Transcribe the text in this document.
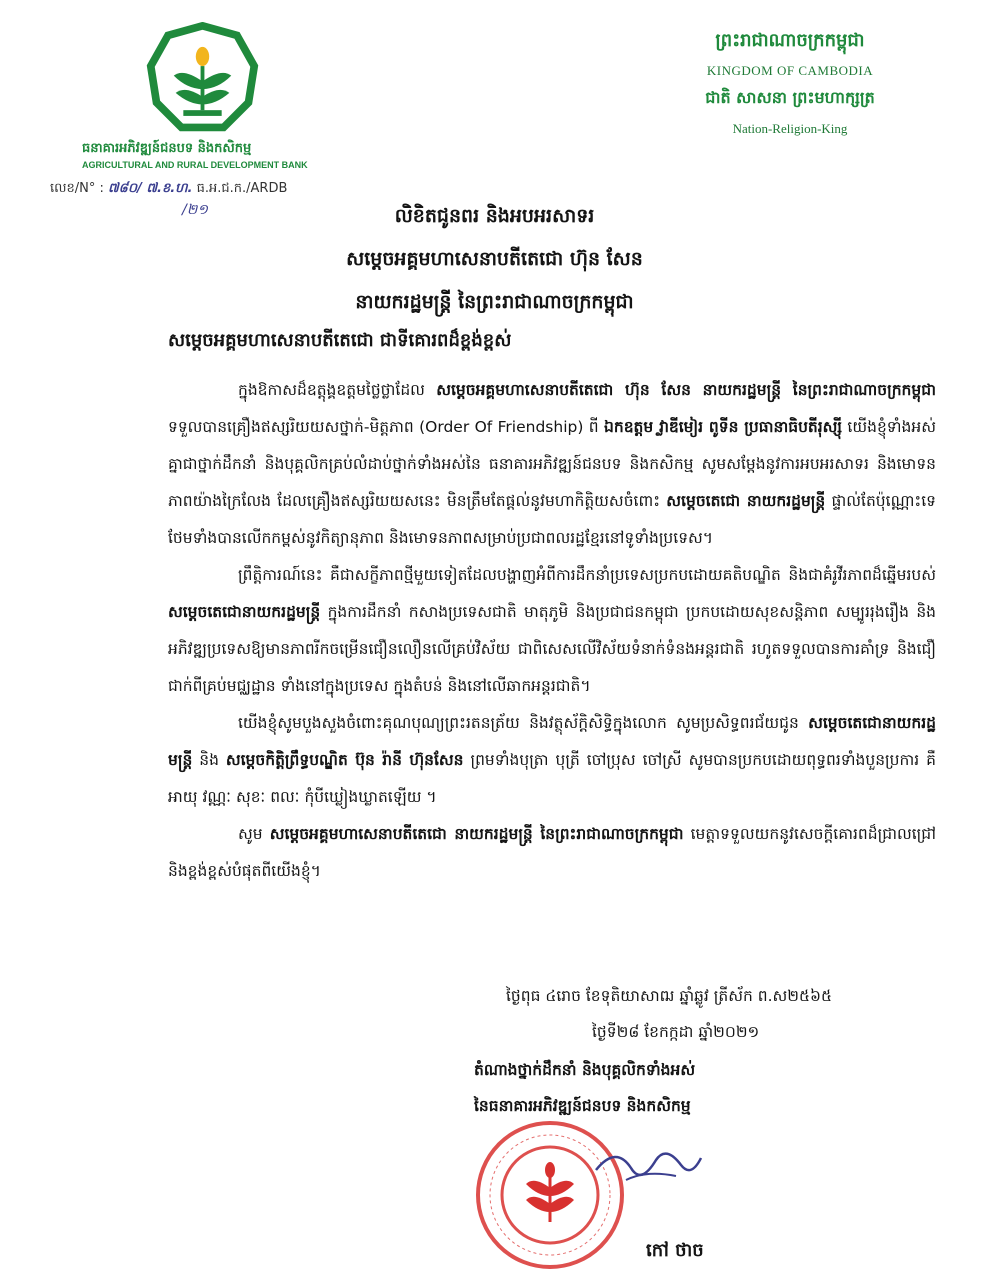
ធនាគារអភិវឌ្ឍន៍ជនបទ និងកសិកម្ម
AGRICULTURAL AND RURAL DEVELOPMENT BANK
លេខ/N° : ៧៨០/ ៧.ខ.ហ. ធ.អ.ជ.ក./ARDB
/២១
ព្រះរាជាណាចក្រកម្ពុជា
KINGDOM OF CAMBODIA
ជាតិ សាសនា ព្រះមហាក្សត្រ
Nation-Religion-King
លិខិតជូនពរ និងអបអរសាទរ
សម្តេចអគ្គមហាសេនាបតីតេជោ ហ៊ុន សែន
នាយករដ្ឋមន្ត្រី នៃព្រះរាជាណាចក្រកម្ពុជា
សម្តេចអគ្គមហាសេនាបតីតេជោ ជាទីគោរពដ៏ខ្ពង់ខ្ពស់

ក្នុងឱកាសដ៏ឧត្តុង្គឧត្តមថ្លៃថ្លាដែល សម្តេចអគ្គមហាសេនាបតីតេជោ ហ៊ុន សែន នាយករដ្ឋមន្ត្រី នៃព្រះរាជាណាចក្រកម្ពុជា ទទួលបានគ្រឿងឥស្សរិយយសថ្នាក់-មិត្តភាព (Order Of Friendship) ពី ឯកឧត្តម វ្លាឌីមៀរ ពូទីន ប្រធានាធិបតីរុស្ស៊ី យើងខ្ញុំទាំងអស់គ្នាជាថ្នាក់ដឹកនាំ និងបុគ្គលិកគ្រប់លំដាប់ថ្នាក់ទាំងអស់នៃ ធនាគារអភិវឌ្ឍន៍ជនបទ និងកសិកម្ម សូមសម្តែងនូវការអបអរសាទរ និងមោទនភាពយ៉ាងក្រៃលែង ដែលគ្រឿងឥស្សរិយយសនេះ មិនត្រឹមតែផ្តល់នូវមហាកិត្តិយសចំពោះ សម្តេចតេជោ នាយករដ្ឋមន្ត្រី ផ្ទាល់តែប៉ុណ្ណោះទេ ថែមទាំងបានលើកកម្ពស់នូវកិត្យានុភាព និងមោទនភាពសម្រាប់ប្រជាពលរដ្ឋខ្មែរនៅទូទាំងប្រទេស។

ព្រឹត្តិការណ៍នេះ គឺជាសក្ខីភាពថ្មីមួយទៀតដែលបង្ហាញអំពីការដឹកនាំប្រទេសប្រកបដោយគតិបណ្ឌិត និងជាគំរូវីរភាពដ៏ឆ្នើមរបស់ សម្តេចតេជោនាយករដ្ឋមន្ត្រី ក្នុងការដឹកនាំ កសាងប្រទេសជាតិ មាតុភូមិ និងប្រជាជនកម្ពុជា ប្រកបដោយសុខសន្តិភាព សម្បូររុងរឿង និងអភិវឌ្ឍប្រទេសឱ្យមានភាពរីកចម្រើនជឿនលឿនលើគ្រប់វិស័យ ជាពិសេសលើវិស័យទំនាក់ទំនងអន្តរជាតិ រហូតទទួលបានការគាំទ្រ និងជឿជាក់ពីគ្រប់មជ្ឈដ្ឋាន ទាំងនៅក្នុងប្រទេស ក្នុងតំបន់ និងនៅលើឆាកអន្តរជាតិ។

យើងខ្ញុំសូមបួងសួងចំពោះគុណបុណ្យព្រះរតនត្រ័យ និងវត្ថុស័ក្តិសិទ្ធិក្នុងលោក សូមប្រសិទ្ធពរជ័យជូន សម្តេចតេជោនាយករដ្ឋមន្ត្រី និង សម្តេចកិត្តិព្រឹទ្ធបណ្ឌិត ប៊ុន រ៉ានី ហ៊ុនសែន ព្រមទាំងបុត្រា បុត្រី ចៅប្រុស ចៅស្រី សូមបានប្រកបដោយពុទ្ធពរទាំងបួនប្រការ គឺអាយុ វណ្ណៈ សុខៈ ពលៈ កុំបីឃ្លៀងឃ្លាតឡើយ ។

សូម សម្តេចអគ្គមហាសេនាបតីតេជោ នាយករដ្ឋមន្ត្រី នៃព្រះរាជាណាចក្រកម្ពុជា មេត្តាទទួលយកនូវសេចក្តីគោរពដ៏ជ្រាលជ្រៅ និងខ្ពង់ខ្ពស់បំផុតពីយើងខ្ញុំ។

ថ្ងៃពុធ ៤រោច ខែទុតិយាសាឍ ឆ្នាំឆ្លូវ ត្រីស័ក ព.ស២៥៦៥
ថ្ងៃទី២៨ ខែកក្កដា ឆ្នាំ២០២១
តំណាងថ្នាក់ដឹកនាំ និងបុគ្គលិកទាំងអស់
នៃធនាគារអភិវឌ្ឍន៍ជនបទ និងកសិកម្ម
កៅ ថាច
